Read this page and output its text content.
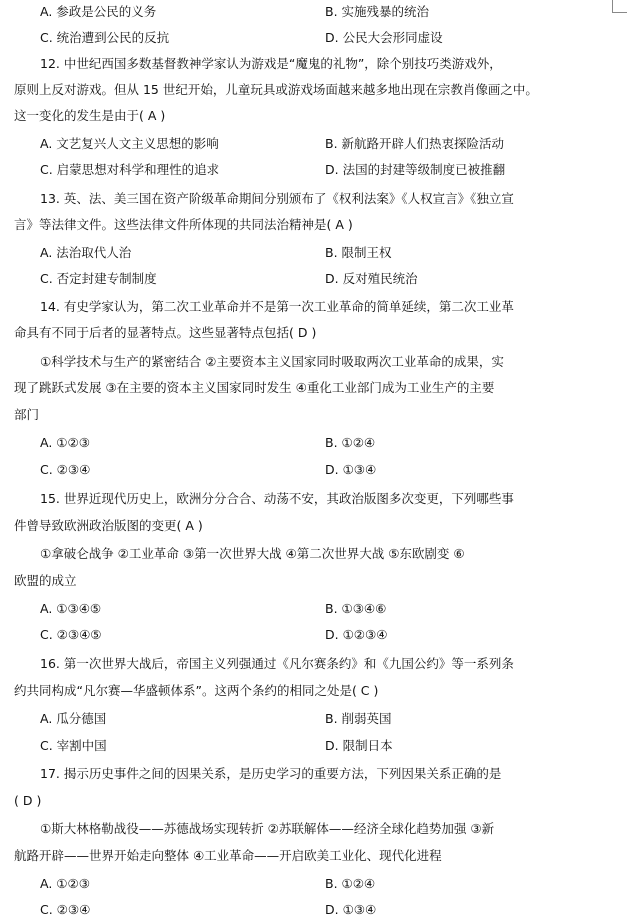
A. 参政是公民的义务	B. 实施残暴的统治
C. 统治遭到公民的反抗	D. 公民大会形同虚设
12. 中世纪西国多数基督教神学家认为游戏是“魔鬼的礼物”，除个别技巧类游戏外，
原则上反对游戏。但从 15 世纪开始，儿童玩具或游戏场面越来越多地出现在宗教肖像画之中。
这一变化的发生是由于( A )
A. 文艺复兴人文主义思想的影响	B. 新航路开辟人们热衷探险活动
C. 启蒙思想对科学和理性的追求	D. 法国的封建等级制度已被推翻
13. 英、法、美三国在资产阶级革命期间分别颁布了《权利法案》《人权宣言》《独立宣
言》等法律文件。这些法律文件所体现的共同法治精神是( A )
A. 法治取代人治	B. 限制王权
C. 否定封建专制制度	D. 反对殖民统治
14. 有史学家认为，第二次工业革命并不是第一次工业革命的简单延续，第二次工业革
命具有不同于后者的显著特点。这些显著特点包括( D )
①科学技术与生产的紧密结合 ②主要资本主义国家同时吸取两次工业革命的成果，实
现了跳跃式发展 ③在主要的资本主义国家同时发生 ④重化工业部门成为工业生产的主要
部门
A. ①②③	B. ①②④
C. ②③④	D. ①③④
15. 世界近现代历史上，欧洲分分合合、动荡不安，其政治版图多次变更，下列哪些事
件曾导致欧洲政治版图的变更( A )
①拿破仑战争 ②工业革命 ③第一次世界大战 ④第二次世界大战 ⑤东欧剧变 ⑥
欧盟的成立
A. ①③④⑤	B. ①③④⑥
C. ②③④⑤	D. ①②③④
16. 第一次世界大战后，帝国主义列强通过《凡尔赛条约》和《九国公约》等一系列条
约共同构成“凡尔赛—华盛顿体系”。这两个条约的相同之处是( C )
A. 瓜分德国	B. 削弱英国
C. 宰割中国	D. 限制日本
17. 揭示历史事件之间的因果关系，是历史学习的重要方法，下列因果关系正确的是
( D )
①斯大林格勒战役——苏德战场实现转折 ②苏联解体——经济全球化趋势加强 ③新
航路开辟——世界开始走向整体 ④工业革命——开启欧美工业化、现代化进程
A. ①②③	B. ①②④
C. ②③④	D. ①③④
